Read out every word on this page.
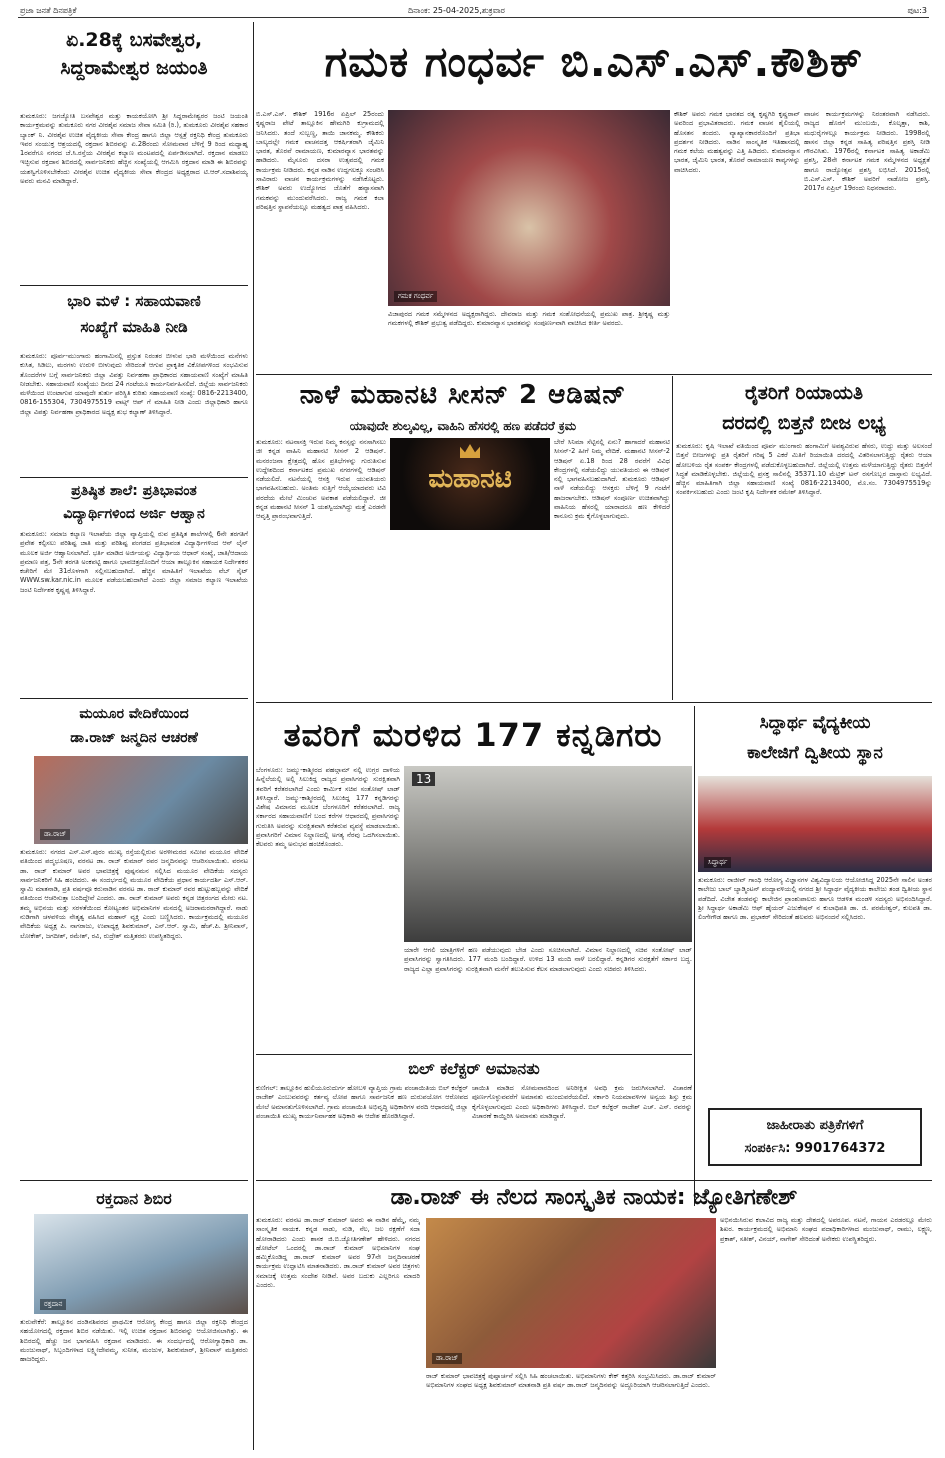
ಪ್ರಜಾ ಜನತೆ ದಿನಪತ್ರಿಕೆ	ದಿನಾಂಕ: 25-04-2025,ಶುಕ್ರವಾರ	ಪುಟ:3
ಏ.28ಕ್ಕೆ ಬಸವೇಶ್ವರ,
ಸಿದ್ದರಾಮೇಶ್ವರ ಜಯಂತಿ
ತುಮಕೂರು: ಜಗಜ್ಯೋತಿ ಬಸವೇಶ್ವರ ಮತ್ತು ಕಾಯಕಯೋಗಿ ಶ್ರೀ ಸಿದ್ದರಾಮೇಶ್ವರರ ಜಂಟಿ ಜಯಂತಿ ಕಾರ್ಯಕ್ರಮವನ್ನು ತುಮಕೂರು ನಗರ ವೀರಶೈವ ಸಮಾಜ ಸೇವಾ ಸಮಿತಿ (ರಿ.), ತುಮಕೂರು ವೀರಶೈವ ಸಹಕಾರ ಬ್ಯಾಂಕ್ ನಿ. ವೀರಶೈವ ಉಚಿತ ವೈದ್ಯಕೀಯ ಸೇವಾ ಕೇಂದ್ರ ಹಾಗೂ ಜಿಲ್ಲಾ ಆಸ್ಪತ್ರೆ ರಕ್ತನಿಧಿ ಕೇಂದ್ರ ತುಮಕೂರು ಇವರ ಸಂಯುಕ್ತ ಆಶ್ರಯದಲ್ಲಿ ರಕ್ತದಾನ ಶಿಬಿರವನ್ನು ಏ.28ರಂದು ಸೋಮವಾರ ಬೆಳಿಗ್ಗೆ 9 ರಿಂದ ಮಧ್ಯಾಹ್ನ 1ರವರೆಗೂ ನಗರದ ಜೆ.ಸಿ.ರಸ್ತೆಯ ವೀರಶೈವ ಕಲ್ಯಾಣ ಮಂಟಪದಲ್ಲಿ ಏರ್ಪಡಿಸಲಾಗಿದೆ. ರಕ್ತದಾನ ಮಾಡಲು ಇಚ್ಛಿಸುವ ರಕ್ತದಾನ ಶಿಬಿರದಲ್ಲಿ ಸಾರ್ವಜನಿಕರು ಹೆಚ್ಚಿನ ಸಂಖ್ಯೆಯಲ್ಲಿ ಆಗಮಿಸಿ ರಕ್ತದಾನ ಮಾಡಿ ಈ ಶಿಬಿರವನ್ನು ಯಶಸ್ವಿಗೊಳಿಸಬೇಕೆಂದು ವೀರಶೈವ ಉಚಿತ ವೈದ್ಯಕೀಯ ಸೇವಾ ಕೇಂದ್ರದ ಅಧ್ಯಕ್ಷರಾದ ಟಿ.ಆರ್.ಸದಾಶಿವಯ್ಯ ಅವರು ಮನವಿ ಮಾಡಿದ್ದಾರೆ.
ಭಾರಿ ಮಳೆ : ಸಹಾಯವಾಣಿ
ಸಂಖ್ಯೆಗೆ ಮಾಹಿತಿ ನೀಡಿ
ತುಮಕೂರು: ಪೂರ್ವ-ಮುಂಗಾರು ಹಂಗಾಮಿನಲ್ಲಿ ಪ್ರಸ್ತುತ ನಿರಂತರ ಬೀಳುವ ಭಾರಿ ಮಳೆಯಿಂದ ಮನೆಗಳು ಕುಸಿತ, ಸಿಡಿಲು, ಮರಗಳು ಉರುಳಿ ಬೀಳುವುದು ಸೇರಿದಂತೆ ಆಗುವ ಪ್ರಾಕೃತಿಕ ವಿಕೋಪಗಳಿಂದ ಸಂಭವಿಸುವ ತೊಂದರೆಗಳ ಬಗ್ಗೆ ಸಾರ್ವಜನಿಕರು ಜಿಲ್ಲಾ ವಿಪತ್ತು ನಿರ್ವಹಣಾ ಪ್ರಾಧಿಕಾರದ ಸಹಾಯವಾಣಿ ಸಂಖ್ಯೆಗೆ ಮಾಹಿತಿ ನೀಡಬೇಕು. ಸಹಾಯವಾಣಿ ಸಂಖ್ಯೆಯು ದಿನದ 24 ಗಂಟೆಯೂ ಕಾರ್ಯನಿರ್ವಹಿಸಲಿದೆ. ಜಿಲ್ಲೆಯ ಸಾರ್ವಜನಿಕರು ಮಳೆಯಿಂದ ಉಂಟಾಗುವ ಯಾವುದೇ ತುರ್ತು ಪರಿಸ್ಥಿತಿ ಕುರಿತು ಸಹಾಯವಾಣಿ ಸಂಖ್ಯೆ: 0816-2213400, 0816-155304, 7304975519 ವಾಟ್ಸ್ ಆಪ್ ಗೆ ಮಾಹಿತಿ ನೀಡಿ ಎಂದು ಜಿಲ್ಲಾಧಿಕಾರಿ ಹಾಗೂ ಜಿಲ್ಲಾ ವಿಪತ್ತು ನಿರ್ವಹಣಾ ಪ್ರಾಧಿಕಾರದ ಅಧ್ಯಕ್ಷ ಶುಭ ಕಲ್ಯಾಣ್ ತಿಳಿಸಿದ್ದಾರೆ.
ಪ್ರತಿಷ್ಠಿತ ಶಾಲೆ: ಪ್ರತಿಭಾವಂತ
ವಿದ್ಯಾರ್ಥಿಗಳಿಂದ ಅರ್ಜಿ ಆಹ್ವಾನ
ತುಮಕೂರು: ಸಮಾಜ ಕಲ್ಯಾಣ ಇಲಾಖೆಯ ಜಿಲ್ಲಾ ವ್ಯಾಪ್ತಿಯಲ್ಲಿ ರುವ ಪ್ರತಿಷ್ಠಿತ ಶಾಲೆಗಳಲ್ಲಿ 6ನೇ ತರಗತಿಗೆ ಪ್ರವೇಶ ಕಲ್ಪಿಸಲು ಪರಿಶಿಷ್ಟ ಜಾತಿ ಮತ್ತು ಪರಿಶಿಷ್ಟ ಪಂಗಡದ ಪ್ರತಿಭಾವಂತ ವಿದ್ಯಾರ್ಥಿಗಳಿಂದ ಆನ್ ಲೈನ್ ಮೂಲಕ ಅರ್ಜಿ ಆಹ್ವಾನಿಸಲಾಗಿದೆ. ಭರ್ತಿ ಮಾಡಿದ ಅರ್ಜಿಯನ್ನು ವಿದ್ಯಾರ್ಥಿಯ ಆಧಾರ್ ಸಂಖ್ಯೆ, ಜಾತಿ/ಆದಾಯ ಪ್ರಮಾಣ ಪತ್ರ, 5ನೇ ತರಗತಿ ಅಂಕಪಟ್ಟಿ ಹಾಗೂ ಭಾವಚಿತ್ರದೊಂದಿಗೆ ಆಯಾ ತಾಲ್ಲೂಕಿನ ಸಹಾಯಕ ನಿರ್ದೇಶಕರ ಕಚೇರಿಗೆ ಮೇ 31ರೊಳಗಾಗಿ ಸಲ್ಲಿಸಬಹುದಾಗಿದೆ. ಹೆಚ್ಚಿನ ಮಾಹಿತಿಗೆ ಇಲಾಖೆಯ ವೆಬ್ ಸೈಟ್ WWW.sw.kar.nic.in ಮೂಲಕ ಪಡೆಯಬಹುದಾಗಿದೆ ಎಂದು ಜಿಲ್ಲಾ ಸಮಾಜ ಕಲ್ಯಾಣ ಇಲಾಖೆಯ ಜಂಟಿ ನಿರ್ದೇಶಕ ಕೃಷ್ಣಪ್ಪ ತಿಳಿಸಿದ್ದಾರೆ.
ಮಯೂರ ವೇದಿಕೆಯಿಂದ
ಡಾ.ರಾಜ್ ಜನ್ಮದಿನ ಆಚರಣೆ
ಡಾ.ರಾಜ್
ತುಮಕೂರು: ನಗರದ ಎಸ್.ಎಸ್.ಪುರಂ ಮುಖ್ಯ ರಸ್ತೆಯಲ್ಲಿರುವ ಅರಳೀಮರದ ಸಮೀಪ ಮಯೂರ ವೇದಿಕೆ ವತಿಯಿಂದ ಪದ್ಮಭೂಷಣ, ವರನಟ ಡಾ. ರಾಜ್ ಕುಮಾರ್ ರವರ ಜನ್ಮದಿನವನ್ನು ಆಚರಿಸಲಾಯಿತು. ವರನಟ ಡಾ. ರಾಜ್ ಕುಮಾರ್ ಅವರ ಭಾವಚಿತ್ರಕ್ಕೆ ಪುಷ್ಪನಮನ ಸಲ್ಲಿಸಿದ ಮಯೂರ ವೇದಿಕೆಯ ಸದಸ್ಯರು ಸಾರ್ವಜನಿಕರಿಗೆ ಸಿಹಿ ಹಂಚಿದರು. ಈ ಸಂದರ್ಭದಲ್ಲಿ ಮಯೂರ ವೇದಿಕೆಯ ಪ್ರಧಾನ ಕಾರ್ಯದರ್ಶಿ ಎಸ್.ಆರ್. ಸ್ವಾಮಿ ಮಾತನಾಡಿ, ಪ್ರತಿ ವರ್ಷವೂ ಕರುನಾಡಿನ ವರನಟ ಡಾ. ರಾಜ್ ಕುಮಾರ್ ರವರ ಹುಟ್ಟುಹಬ್ಬವನ್ನು ವೇದಿಕೆ ವತಿಯಿಂದ ಆಚರಿಸುತ್ತಾ ಬಂದಿದ್ದೇವೆ ಎಂದರು. ಡಾ. ರಾಜ್ ಕುಮಾರ್ ಅವರು ಕನ್ನಡ ಚಿತ್ರರಂಗದ ಮೇರು ನಟ. ತಮ್ಮ ಅಭಿನಯ ಮತ್ತು ಸರಳತೆಯಿಂದ ಕೋಟ್ಯಂತರ ಅಭಿಮಾನಿಗಳ ಮನದಲ್ಲಿ ಅಜರಾಮರರಾಗಿದ್ದಾರೆ. ನಾಡು ನುಡಿಗಾಗಿ ಚಳವಳಿಯ ನೇತೃತ್ವ ವಹಿಸಿದ ಮಹಾನ್ ವ್ಯಕ್ತಿ ಎಂದು ಬಣ್ಣಿಸಿದರು. ಕಾರ್ಯಕ್ರಮದಲ್ಲಿ ಮಯೂರ ವೇದಿಕೆಯ ಅಧ್ಯಕ್ಷ ಪಿ. ನಾಗರಾಜು, ಉಪಾಧ್ಯಕ್ಷ ಶಿವಕುಮಾರ್, ಎನ್.ಆರ್. ಸ್ವಾಮಿ, ಹೆಚ್.ಪಿ. ಶ್ರೀನಿವಾಸ್, ಲೋಕೇಶ್, ಜಗದೀಶ್, ರಮೇಶ್, ರವಿ, ರುದ್ರೇಶ್ ಮತ್ತಿತರರು ಉಪಸ್ಥಿತರಿದ್ದರು.
ರಕ್ತದಾನ ಶಿಬಿರ
ರಕ್ತದಾನ
ತುರುವೇಕೆರೆ: ತಾಲ್ಲೂಕಿನ ದಂಡಿನಶಿವರದ ಪ್ರಾಥಮಿಕ ಆರೋಗ್ಯ ಕೇಂದ್ರ ಹಾಗೂ ಜಿಲ್ಲಾ ರಕ್ತನಿಧಿ ಕೇಂದ್ರದ ಸಹಯೋಗದಲ್ಲಿ ರಕ್ತದಾನ ಶಿಬಿರ ನಡೆಯಿತು. ಇಲ್ಲಿ ಉಚಿತ ರಕ್ತದಾನ ಶಿಬಿರವನ್ನು ಆಯೋಜಿಸಲಾಗಿತ್ತು. ಈ ಶಿಬಿರದಲ್ಲಿ ಹೆಚ್ಚು ಜನ ಭಾಗವಹಿಸಿ ರಕ್ತದಾನ ಮಾಡಿದರು. ಈ ಸಂದರ್ಭದಲ್ಲಿ ಆರೋಗ್ಯಾಧಿಕಾರಿ ಡಾ. ಮಂಜುನಾಥ್, ಸಿಬ್ಬಂದಿಗಳಾದ ಲಕ್ಷ್ಮೀದೇವಮ್ಮ, ಸುನೀತ, ಮಂಜುಳ, ಶಿವಕುಮಾರ್, ಶ್ರೀನಿವಾಸ್ ಮತ್ತಿತರರು ಹಾಜರಿದ್ದರು.
ಗಮಕ ಗಂಧರ್ವ ಬಿ.ಎಸ್.ಎಸ್.ಕೌಶಿಕ್
ಬಿ.ಎಸ್.ಎಸ್. ಕೌಶಿಕ್ 1916ರ ಏಪ್ರಿಲ್ 25ರಂದು ಕೃಷ್ಣರಾಜ ಪೇಟೆ ತಾಲ್ಲೂಕಿನ ಹೇಮಗಿರಿ ಕುಗ್ರಾಮದಲ್ಲಿ ಜನಿಸಿದರು. ತಂದೆ ಸುಬ್ಬಣ್ಣ, ತಾಯಿ ಜಾನಕಮ್ಮ. ಕೌಶಿಕರು ಬಾಲ್ಯದಲ್ಲೇ ಗಮಕ ವಾಚನದತ್ತ ಆಕರ್ಷಿತರಾಗಿ ಜೈಮಿನಿ ಭಾರತ, ತೊರವೆ ರಾಮಾಯಣ, ಕುಮಾರವ್ಯಾಸ ಭಾರತವನ್ನು ಹಾಡಿದರು. ಮೈಸೂರು ದಸರಾ ಉತ್ಸವದಲ್ಲಿ ಗಮಕ ಕಾರ್ಯಕ್ರಮ ನೀಡಿದರು. ಕನ್ನಡ ನಾಡಿನ ಉದ್ದಗಲಕ್ಕೂ ಸಂಚರಿಸಿ ಸಾವಿರಾರು ವಾಚನ ಕಾರ್ಯಕ್ರಮಗಳನ್ನು ನಡೆಸಿಕೊಟ್ಟರು. ಕೌಶಿಕ್ ಅವರು ಉದ್ಯೋಗದ ಜೊತೆಗೆ ಹವ್ಯಾಸವಾಗಿ ಗಮಕವನ್ನು ಮುಂದುವರೆಸಿದರು. ರಾಜ್ಯ ಗಮಕ ಕಲಾ ಪರಿಷತ್ತಿನ ಸ್ಥಾಪನೆಯಲ್ಲೂ ಮಹತ್ವದ ಪಾತ್ರ ವಹಿಸಿದರು.
ಗಮಕ ಗಂಧರ್ವ
ವಿಜಾಪುರದ ಗಮಕ ಸಮ್ಮೇಳನದ ಅಧ್ಯಕ್ಷರಾಗಿದ್ದರು. ದೇವರಾಜ ಮತ್ತು ಗಮಕ ಸಂಶೋಧನೆಯಲ್ಲಿ ಪ್ರಮುಖ ಪಾತ್ರ. ಶ್ರೀಕೃಷ್ಣ ಮತ್ತು ಗಮಕಗಳಲ್ಲಿ ಕೌಶಿಕ್ ಪ್ರಭುತ್ವ ಪಡೆದಿದ್ದರು. ಕುಮಾರವ್ಯಾಸ ಭಾರತವನ್ನು ಸಂಪೂರ್ಣವಾಗಿ ವಾಚಿಸಿದ ಕೀರ್ತಿ ಅವರದು.
ಕೌಶಿಕ್ ಅವರು ಗಮಕ ಭಾರತದ ರತ್ನ ಕೃಷ್ಣಗಿರಿ ಕೃಷ್ಣರಾವ್ ಅವರಿಂದ ಪ್ರಭಾವಿತರಾದರು. ಗಮಕ ವಾಚನ ಶೈಲಿಯಲ್ಲಿ ಹೊಸತನ ತಂದರು. ವ್ಯಾಖ್ಯಾನಕಾರರೊಂದಿಗೆ ಪ್ರತಿಭಾ ಪ್ರದರ್ಶನ ನೀಡಿದರು. ನಾಡಿನ ಸಾಂಸ್ಕೃತಿಕ ಇತಿಹಾಸದಲ್ಲಿ ಗಮಕ ಕಲೆಯ ಮಹತ್ವವನ್ನು ಎತ್ತಿ ಹಿಡಿದರು. ಕುಮಾರವ್ಯಾಸ ಭಾರತ, ಜೈಮಿನಿ ಭಾರತ, ತೊರವೆ ರಾಮಾಯಣ ಕಾವ್ಯಗಳನ್ನು ವಾಚಿಸಿದರು.
ವಾಚನ ಕಾರ್ಯಕ್ರಮಗಳನ್ನು ನಿರಂತರವಾಗಿ ನಡೆಸಿದರು. ರಾಜ್ಯದ ಹೊರಗೆ ಮುಂಬಯಿ, ಕೊಲ್ಕತ್ತಾ, ಕಾಶಿ, ಮಧುರೈಗಳಲ್ಲೂ ಕಾರ್ಯಕ್ರಮ ನೀಡಿದರು. 1998ರಲ್ಲಿ ಹಾಸನ ಜಿಲ್ಲಾ ಕನ್ನಡ ಸಾಹಿತ್ಯ ಪರಿಷತ್ತಿನ ಪ್ರಶಸ್ತಿ ನೀಡಿ ಗೌರವಿಸಿತು. 1976ರಲ್ಲಿ ಕರ್ನಾಟಕ ಸಾಹಿತ್ಯ ಅಕಾಡೆಮಿ ಪ್ರಶಸ್ತಿ, 28ನೇ ಕರ್ನಾಟಕ ಗಮಕ ಸಮ್ಮೇಳನದ ಅಧ್ಯಕ್ಷತೆ ಹಾಗೂ ರಾಜ್ಯೋತ್ಸವ ಪ್ರಶಸ್ತಿ ಲಭಿಸಿದೆ. 2015ರಲ್ಲಿ ಬಿ.ಎಸ್.ಎಸ್. ಕೌಶಿಕ್ ಅವರಿಗೆ ನಾಡೋಜ ಪ್ರಶಸ್ತಿ. 2017ರ ಏಪ್ರಿಲ್ 19ರಂದು ನಿಧನರಾದರು.
ನಾಳೆ ಮಹಾನಟಿ ಸೀಸನ್ 2 ಆಡಿಷನ್
ಯಾವುದೇ ಶುಲ್ಕವಿಲ್ಲ, ವಾಹಿನಿ ಹೆಸರಲ್ಲಿ ಹಣ ಪಡೆದರೆ ಕ್ರಮ
ತುಮಕೂರು: ನಟನಾಸಕ್ತಿ ಇರುವ ನಿಮ್ಮ ಕನಸ್ಸನ್ನು ನನಸಾಗಿಸಲು ಜೀ ಕನ್ನಡ ವಾಹಿನಿ ಮಹಾನಟಿ ಸೀಸನ್ 2 ಆಡಿಷನ್. ಮನರಂಜನಾ ಕ್ಷೇತ್ರದಲ್ಲಿ ಹೊಸ ಪ್ರತಿಭೆಗಳನ್ನು ಗುರುತಿಸುವ ಉದ್ದೇಶದಿಂದ ಕರ್ನಾಟಕದ ಪ್ರಮುಖ ನಗರಗಳಲ್ಲಿ ಆಡಿಷನ್ ನಡೆಯಲಿದೆ. ನಟನೆಯಲ್ಲಿ ಆಸಕ್ತಿ ಇರುವ ಯುವತಿಯರು ಭಾಗವಹಿಸಬಹುದು. ಅಂತಿಮ ಸುತ್ತಿಗೆ ಆಯ್ಕೆಯಾದವರು ಟಿವಿ ಪರದೆಯ ಮೇಲೆ ಮಿಂಚುವ ಅವಕಾಶ ಪಡೆಯಲಿದ್ದಾರೆ. ಜೀ ಕನ್ನಡ ಮಹಾನಟಿ ಸೀಸನ್ 1 ಯಶಸ್ವಿಯಾಗಿದ್ದು ಮತ್ತೆ ಎರಡನೇ ಆವೃತ್ತಿ ಪ್ರಾರಂಭವಾಗುತ್ತಿದೆ.
ಮಹಾನಟಿ
ಬೇರೆ ಸಿನಿಮಾ ಸೆಟ್ಟಿನಲ್ಲಿ ಏನು? ಹಾಗಾದರೆ ಮಹಾನಟಿ ಸೀಸನ್-2 ಹೀಗೆ ನಿಮ್ಮ ವೇದಿಕೆ. ಮಹಾನಟಿ ಸೀಸನ್-2 ಆಡಿಷನ್ ಏ.18 ರಿಂದ 28 ರವರೆಗೆ ವಿವಿಧ ಕೇಂದ್ರಗಳಲ್ಲಿ ನಡೆಯಲಿದ್ದು ಯುವತಿಯರು ಈ ಆಡಿಷನ್ ನಲ್ಲಿ ಭಾಗವಹಿಸಬಹುದಾಗಿದೆ. ತುಮಕೂರು ಆಡಿಷನ್ ನಾಳೆ ನಡೆಯಲಿದ್ದು ಆಸಕ್ತರು ಬೆಳಿಗ್ಗೆ 9 ಗಂಟೆಗೆ ಹಾಜರಾಗಬೇಕು. ಆಡಿಷನ್ ಸಂಪೂರ್ಣ ಉಚಿತವಾಗಿದ್ದು ವಾಹಿನಿಯ ಹೆಸರಲ್ಲಿ ಯಾರಾದರೂ ಹಣ ಕೇಳಿದರೆ ಕಾನೂನು ಕ್ರಮ ಕೈಗೊಳ್ಳಲಾಗುವುದು.
ರೈತರಿಗೆ ರಿಯಾಯತಿ
ದರದಲ್ಲಿ ಬಿತ್ತನೆ ಬೀಜ ಲಭ್ಯ
ತುಮಕೂರು: ಕೃಷಿ ಇಲಾಖೆ ವತಿಯಿಂದ ಪೂರ್ವ ಮುಂಗಾರು ಹಂಗಾಮಿಗೆ ಅವಶ್ಯವಿರುವ ಹೆಸರು, ಉದ್ದು ಮತ್ತು ಅಲಸಂದೆ ಬಿತ್ತನೆ ಬೀಜಗಳನ್ನು ಪ್ರತಿ ರೈತರಿಗೆ ಗರಿಷ್ಠ 5 ಎಕರೆ ಮಿತಿಗೆ ರಿಯಾಯಿತಿ ದರದಲ್ಲಿ ವಿತರಿಸಲಾಗುತ್ತಿದ್ದು ರೈತರು ಆಯಾ ಹೋಬಳಿಯ ರೈತ ಸಂಪರ್ಕ ಕೇಂದ್ರಗಳಲ್ಲಿ ಪಡೆದುಕೊಳ್ಳಬಹುದಾಗಿದೆ. ಜಿಲ್ಲೆಯಲ್ಲಿ ಉತ್ತಮ ಮಳೆಯಾಗುತ್ತಿದ್ದು ರೈತರು ಬಿತ್ತನೆಗೆ ಸಿದ್ಧತೆ ಮಾಡಿಕೊಳ್ಳಬೇಕು. ಜಿಲ್ಲೆಯಲ್ಲಿ ಪ್ರಸಕ್ತ ಸಾಲಿನಲ್ಲಿ 35371.10 ಮೆಟ್ರಿಕ್ ಟನ್ ರಸಗೊಬ್ಬರ ದಾಸ್ತಾನು ಲಭ್ಯವಿದೆ. ಹೆಚ್ಚಿನ ಮಾಹಿತಿಗಾಗಿ ಜಿಲ್ಲಾ ಸಹಾಯವಾಣಿ ಸಂಖ್ಯೆ 0816-2213400, ಮೊ.ಸಂ. 7304975519ನ್ನು ಸಂಪರ್ಕಿಸಬಹುದು ಎಂದು ಜಂಟಿ ಕೃಷಿ ನಿರ್ದೇಶಕ ರಮೇಶ್ ತಿಳಿಸಿದ್ದಾರೆ.
ತವರಿಗೆ ಮರಳಿದ 177 ಕನ್ನಡಿಗರು
ಬೆಂಗಳೂರು: ಜಮ್ಮು-ಕಾಶ್ಮೀರದ ಪಹಲ್ಗಾಮ್ ನಲ್ಲಿ ಉಗ್ರರ ದಾಳಿಯ ಹಿನ್ನೆಲೆಯಲ್ಲಿ ಅಲ್ಲಿ ಸಿಲುಕಿದ್ದ ರಾಜ್ಯದ ಪ್ರವಾಸಿಗರನ್ನು ಸುರಕ್ಷಿತವಾಗಿ ತವರಿಗೆ ಕರೆತರಲಾಗಿದೆ ಎಂದು ಕಾರ್ಮಿಕ ಸಚಿವ ಸಂತೋಷ್ ಲಾಡ್ ತಿಳಿಸಿದ್ದಾರೆ. ಜಮ್ಮು-ಕಾಶ್ಮೀರದಲ್ಲಿ ಸಿಲುಕಿದ್ದ 177 ಕನ್ನಡಿಗರನ್ನು ವಿಶೇಷ ವಿಮಾನದ ಮೂಲಕ ಬೆಂಗಳೂರಿಗೆ ಕರೆತರಲಾಗಿದೆ. ರಾಜ್ಯ ಸರ್ಕಾರದ ಸಹಾಯವಾಣಿಗೆ ಬಂದ ಕರೆಗಳ ಆಧಾರದಲ್ಲಿ ಪ್ರವಾಸಿಗರನ್ನು ಗುರುತಿಸಿ ಅವರನ್ನು ಸುರಕ್ಷಿತವಾಗಿ ಕರೆತರುವ ವ್ಯವಸ್ಥೆ ಮಾಡಲಾಯಿತು. ಪ್ರವಾಸಿಗರಿಗೆ ವಿಮಾನ ನಿಲ್ದಾಣದಲ್ಲಿ ಅಗತ್ಯ ನೆರವು ಒದಗಿಸಲಾಯಿತು. ಕೆಲವರು ತಮ್ಮ ಅನುಭವ ಹಂಚಿಕೊಂಡರು.
13
ಯಾರೇ ಆಗಲಿ ಯಾತ್ರಿಗಳಿಗೆ ಹಣ ಪಡೆಯುವುದು ಬೇಡ ಎಂದು ಸೂಚಿಸಲಾಗಿದೆ. ವಿಮಾನ ನಿಲ್ದಾಣದಲ್ಲಿ ಸಚಿವ ಸಂತೋಷ್ ಲಾಡ್ ಪ್ರವಾಸಿಗರನ್ನು ಸ್ವಾಗತಿಸಿದರು. 177 ಮಂದಿ ಬಂದಿದ್ದಾರೆ. ಉಳಿದ 13 ಮಂದಿ ನಾಳೆ ಬರಲಿದ್ದಾರೆ. ಕನ್ನಡಿಗರ ಸುರಕ್ಷತೆಗೆ ಸರ್ಕಾರ ಬದ್ಧ. ರಾಜ್ಯದ ಎಲ್ಲಾ ಪ್ರವಾಸಿಗರನ್ನು ಸುರಕ್ಷಿತವಾಗಿ ಮನೆಗೆ ತಲುಪಿಸುವ ಕೆಲಸ ಮಾಡಲಾಗುವುದು ಎಂದು ಸಚಿವರು ತಿಳಿಸಿದರು.
ಸಿದ್ಧಾರ್ಥ ವೈದ್ಯಕೀಯ
ಕಾಲೇಜಿಗೆ ದ್ವಿತೀಯ ಸ್ಥಾನ
ಸಿದ್ಧಾರ್ಥ
ತುಮಕೂರು: ರಾಜೀವ್ ಗಾಂಧಿ ಆರೋಗ್ಯ ವಿಜ್ಞಾನಗಳ ವಿಶ್ವವಿದ್ಯಾಲಯ ಆಯೋಜಿಸಿದ್ದ 2025ನೇ ಸಾಲಿನ ಅಂತರ ಕಾಲೇಜು ಬಾಲ್ ಬ್ಯಾಡ್ಮಿಂಟನ್ ಪಂದ್ಯಾವಳಿಯಲ್ಲಿ ನಗರದ ಶ್ರೀ ಸಿದ್ಧಾರ್ಥ ವೈದ್ಯಕೀಯ ಕಾಲೇಜು ತಂಡ ದ್ವಿತೀಯ ಸ್ಥಾನ ಪಡೆದಿದೆ. ವಿಜೇತ ತಂಡವನ್ನು ಕಾಲೇಜಿನ ಪ್ರಾಂಶುಪಾಲರು ಹಾಗೂ ಆಡಳಿತ ಮಂಡಳಿ ಸದಸ್ಯರು ಅಭಿನಂದಿಸಿದ್ದಾರೆ. ಶ್ರೀ ಸಿದ್ಧಾರ್ಥ ಅಕಾಡೆಮಿ ಆಫ್ ಹೈಯರ್ ಎಜುಕೇಷನ್ ನ ಕುಲಾಧಿಪತಿ ಡಾ. ಜಿ. ಪರಮೇಶ್ವರ್, ಕುಲಪತಿ ಡಾ. ಲಿಂಗೇಗೌಡ ಹಾಗೂ ಡಾ. ಪ್ರಭಾಕರ್ ಸೇರಿದಂತೆ ಹಲವರು ಅಭಿನಂದನೆ ಸಲ್ಲಿಸಿದರು.
ಜಾಹೀರಾತು ಪತ್ರಿಕೆಗಳಿಗೆ
ಸಂಪರ್ಕಿಸಿ: 9901764372
ಬಿಲ್ ಕಲೆಕ್ಟರ್ ಅಮಾನತು
ಕುಣಿಗಲ್: ತಾಲ್ಲೂಕಿನ ಹುಲಿಯೂರುದುರ್ಗ ಹೋಬಳಿ ವ್ಯಾಪ್ತಿಯ ಗ್ರಾಮ ಪಂಚಾಯಿತಿಯ ಬಿಲ್ ಕಲೆಕ್ಟರ್ ರಾಜೇಶ್ ಎಂಬುವವರನ್ನು ಕರ್ತವ್ಯ ಲೋಪ ಹಾಗೂ ಸಾರ್ವಜನಿಕ ಹಣ ದುರುಪಯೋಗ ಆರೋಪದ ಮೇಲೆ ಅಮಾನತುಗೊಳಿಸಲಾಗಿದೆ. ಗ್ರಾಮ ಪಂಚಾಯಿತಿ ಅಭಿವೃದ್ಧಿ ಅಧಿಕಾರಿಗಳ ವರದಿ ಆಧಾರದಲ್ಲಿ ಜಿಲ್ಲಾ ಪಂಚಾಯಿತಿ ಮುಖ್ಯ ಕಾರ್ಯನಿರ್ವಾಹಕ ಅಧಿಕಾರಿ ಈ ಆದೇಶ ಹೊರಡಿಸಿದ್ದಾರೆ.
ಚಾಯಿತಿ ಮಾಡಿದ ಸೋಮವಾರದಿಂದ ಅನಿರೀಕ್ಷಿತ ಅವಧಿ ಕ್ರಮ ಜರುಗಿಸಲಾಗಿದೆ. ವಿಚಾರಣೆ ಪೂರ್ಣಗೊಳ್ಳುವವರೆಗೆ ಅಮಾನತು ಮುಂದುವರೆಯಲಿದೆ. ಸರ್ಕಾರಿ ನಿಯಮಾವಳಿಗಳ ಅನ್ವಯ ಶಿಸ್ತು ಕ್ರಮ ಕೈಗೊಳ್ಳಲಾಗುವುದು ಎಂದು ಅಧಿಕಾರಿಗಳು ತಿಳಿಸಿದ್ದಾರೆ. ಬಿಲ್ ಕಲೆಕ್ಟರ್ ರಾಜೇಶ್ ಎಚ್. ಎಸ್. ರವರನ್ನು ವಿಚಾರಣೆ ಕಾಯ್ದಿರಿಸಿ ಅಮಾನತು ಮಾಡಿದ್ದಾರೆ.
ಡಾ.ರಾಜ್ ಈ ನೆಲದ ಸಾಂಸ್ಕೃತಿಕ ನಾಯಕ: ಜ್ಯೋತಿಗಣೇಶ್
ತುಮಕೂರು: ವರನಟ ಡಾ.ರಾಜ್ ಕುಮಾರ್ ಅವರು ಈ ನಾಡಿನ ಹೆಮ್ಮೆ, ನಮ್ಮ ಸಾಂಸ್ಕೃತಿಕ ನಾಯಕ. ಕನ್ನಡ ನಾಡು, ನುಡಿ, ನೆಲ, ಜಲ ರಕ್ಷಣೆಗೆ ಸದಾ ಹೋರಾಡಿದರು ಎಂದು ಶಾಸಕ ಜಿ.ಬಿ.ಜ್ಯೋತಿಗಣೇಶ್ ಹೇಳಿದರು. ನಗರದ ಹೋಟೆಲ್ ಒಂದರಲ್ಲಿ ಡಾ.ರಾಜ್ ಕುಮಾರ್ ಅಭಿಮಾನಿಗಳ ಸಂಘ ಹಮ್ಮಿಕೊಂಡಿದ್ದ ಡಾ.ರಾಜ್ ಕುಮಾರ್ ಅವರ 97ನೇ ಜನ್ಮದಿನಾಚರಣೆ ಕಾರ್ಯಕ್ರಮ ಉದ್ಘಾಟಿಸಿ ಮಾತನಾಡಿದರು. ಡಾ.ರಾಜ್ ಕುಮಾರ್ ಅವರ ಚಿತ್ರಗಳು ಸಮಾಜಕ್ಕೆ ಉತ್ತಮ ಸಂದೇಶ ನೀಡಿವೆ. ಅವರ ಬದುಕು ಎಲ್ಲರಿಗೂ ಮಾದರಿ ಎಂದರು.
ಡಾ.ರಾಜ್
ರಾಜ್ ಕುಮಾರ್ ಭಾವಚಿತ್ರಕ್ಕೆ ಪುಷ್ಪಾರ್ಚನೆ ಸಲ್ಲಿಸಿ ಸಿಹಿ ಹಂಚಲಾಯಿತು. ಅಭಿಮಾನಿಗಳು ಕೇಕ್ ಕತ್ತರಿಸಿ ಸಂಭ್ರಮಿಸಿದರು. ಡಾ.ರಾಜ್ ಕುಮಾರ್ ಅಭಿಮಾನಿಗಳ ಸಂಘದ ಅಧ್ಯಕ್ಷ ಶಿವಕುಮಾರ್ ಮಾತನಾಡಿ ಪ್ರತಿ ವರ್ಷ ಡಾ.ರಾಜ್ ಜನ್ಮದಿನವನ್ನು ಅದ್ದೂರಿಯಾಗಿ ಆಚರಿಸಲಾಗುತ್ತಿದೆ ಎಂದರು.
ಅಭಿನಯಿಸಿರುವ ಕಲಾವಿದ ರಾಜ್ಯ ಮತ್ತು ದೇಶದಲ್ಲಿ ಅಪರೂಪ. ನಟನೆ, ಗಾಯನ ಎರಡರಲ್ಲೂ ಮೇರು ಶಿಖರ. ಕಾರ್ಯಕ್ರಮದಲ್ಲಿ ಅಭಿಮಾನಿ ಸಂಘದ ಪದಾಧಿಕಾರಿಗಳಾದ ಮಂಜುನಾಥ್, ರಾಮು, ಲಕ್ಷ್ಮಣ, ಪ್ರಕಾಶ್, ಸತೀಶ್, ವಿನಯ್, ನಾಗೇಶ್ ಸೇರಿದಂತೆ ಅನೇಕರು ಉಪಸ್ಥಿತರಿದ್ದರು.
